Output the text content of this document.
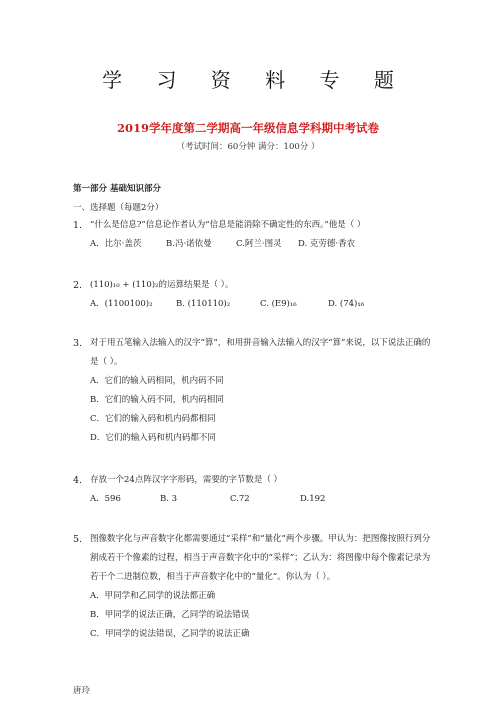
学 习 资 料 专 题
2019学年度第二学期高一年级信息学科期中考试卷
（考试时间：60分钟 满分：100分 ）
第一部分 基础知识部分
一、选择题（每题2分）
1. “什么是信息?”信息论作者认为“信息是能消除不确定性的东西。”他是（ ）
A．比尔·盖茨	B.冯·诺依曼	C.阿兰·图灵 D. 克劳德·香农
2. (110)₁₀ + (110)₂的运算结果是（ ）。
A．(1100100)₂	B. (110110)₂	C. (E9)₁₆	D. (74)₁₆
3. 对于用五笔输入法输入的汉字“算”，和用拼音输入法输入的汉字“算”来说，以下说法正确的是（ ）。
A．它们的输入码相同，机内码不同
B．它们的输入码不同，机内码相同
C．它们的输入码和机内码都相同
D．它们的输入码和机内码都不同
4. 存放一个24点阵汉字字形码，需要的字节数是（ ）
A．596	B. 3	C.72	D.192
5. 图像数字化与声音数字化都需要通过“采样”和“量化”两个步骤。甲认为：把图像按照行列分割成若干个像素的过程，相当于声音数字化中的“采样”；乙认为：将图像中每个像素记录为若干个二进制位数，相当于声音数字化中的“量化”。你认为（ ）。
A．甲同学和乙同学的说法都正确
B．甲同学的说法正确，乙同学的说法错误
C．甲同学的说法错误，乙同学的说法正确
唐玲
